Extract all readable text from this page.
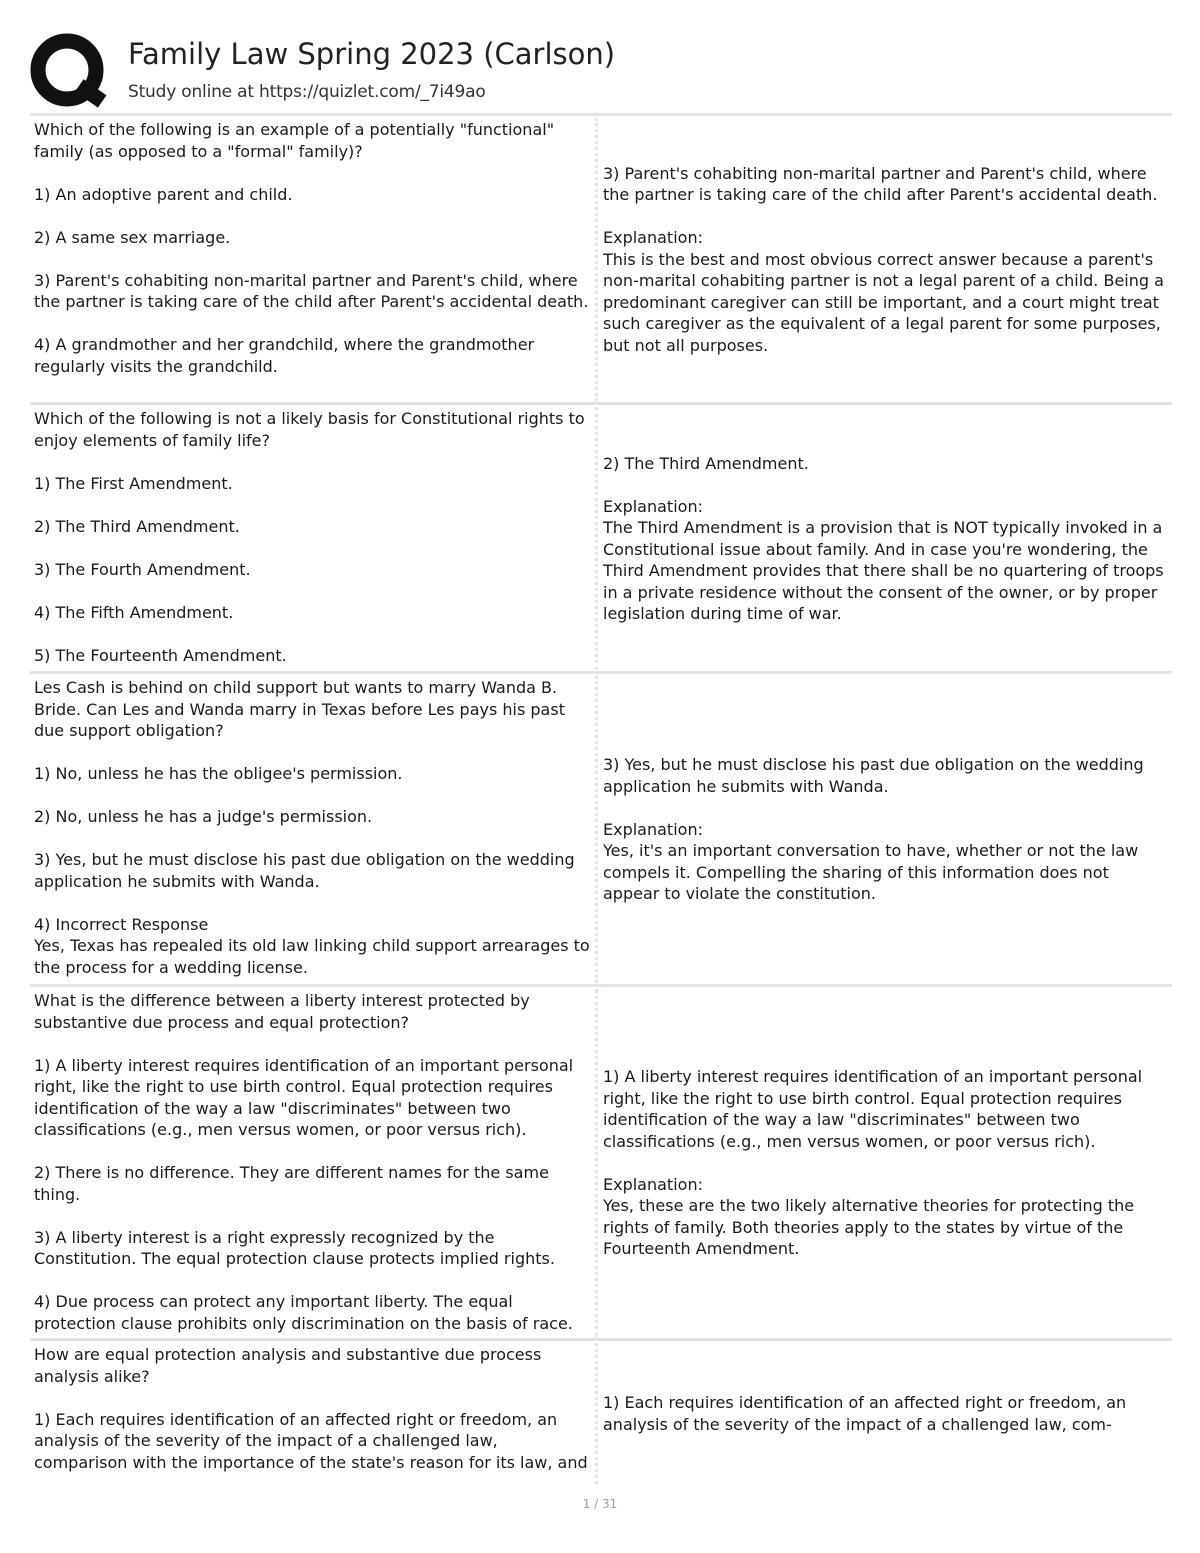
Family Law Spring 2023 (Carlson)
Study online at https://quizlet.com/_7i49ao

Which of the following is an example of a potentially "functional" family (as opposed to a "formal" family)?

1) An adoptive parent and child.

2) A same sex marriage.

3) Parent's cohabiting non-marital partner and Parent's child, where the partner is taking care of the child after Parent's accidental death.

4) A grandmother and her grandchild, where the grandmother regularly visits the grandchild.

3) Parent's cohabiting non-marital partner and Parent's child, where the partner is taking care of the child after Parent's accidental death.

Explanation:
This is the best and most obvious correct answer because a parent's non-marital cohabiting partner is not a legal parent of a child. Being a predominant caregiver can still be important, and a court might treat such caregiver as the equivalent of a legal parent for some purposes, but not all purposes.

Which of the following is not a likely basis for Constitutional rights to enjoy elements of family life?

1) The First Amendment.

2) The Third Amendment.

3) The Fourth Amendment.

4) The Fifth Amendment.

5) The Fourteenth Amendment.

2) The Third Amendment.

Explanation:
The Third Amendment is a provision that is NOT typically invoked in a Constitutional issue about family. And in case you're wondering, the Third Amendment provides that there shall be no quartering of troops in a private residence without the consent of the owner, or by proper legislation during time of war.

Les Cash is behind on child support but wants to marry Wanda B. Bride. Can Les and Wanda marry in Texas before Les pays his past due support obligation?

1) No, unless he has the obligee's permission.

2) No, unless he has a judge's permission.

3) Yes, but he must disclose his past due obligation on the wedding application he submits with Wanda.

4) Incorrect Response
Yes, Texas has repealed its old law linking child support arrearages to the process for a wedding license.

3) Yes, but he must disclose his past due obligation on the wedding application he submits with Wanda.

Explanation:
Yes, it's an important conversation to have, whether or not the law compels it. Compelling the sharing of this information does not appear to violate the constitution.

What is the difference between a liberty interest protected by substantive due process and equal protection?

1) A liberty interest requires identification of an important personal right, like the right to use birth control. Equal protection requires identification of the way a law "discriminates" between two classifications (e.g., men versus women, or poor versus rich).

2) There is no difference. They are different names for the same thing.

3) A liberty interest is a right expressly recognized by the Constitution. The equal protection clause protects implied rights.

4) Due process can protect any important liberty. The equal protection clause prohibits only discrimination on the basis of race.

1) A liberty interest requires identification of an important personal right, like the right to use birth control. Equal protection requires identification of the way a law "discriminates" between two classifications (e.g., men versus women, or poor versus rich).

Explanation:
Yes, these are the two likely alternative theories for protecting the rights of family. Both theories apply to the states by virtue of the Fourteenth Amendment.

How are equal protection analysis and substantive due process analysis alike?

1) Each requires identification of an affected right or freedom, an analysis of the severity of the impact of a challenged law, comparison with the importance of the state's reason for its law, and

1) Each requires identification of an affected right or freedom, an analysis of the severity of the impact of a challenged law, com-

1 / 31
